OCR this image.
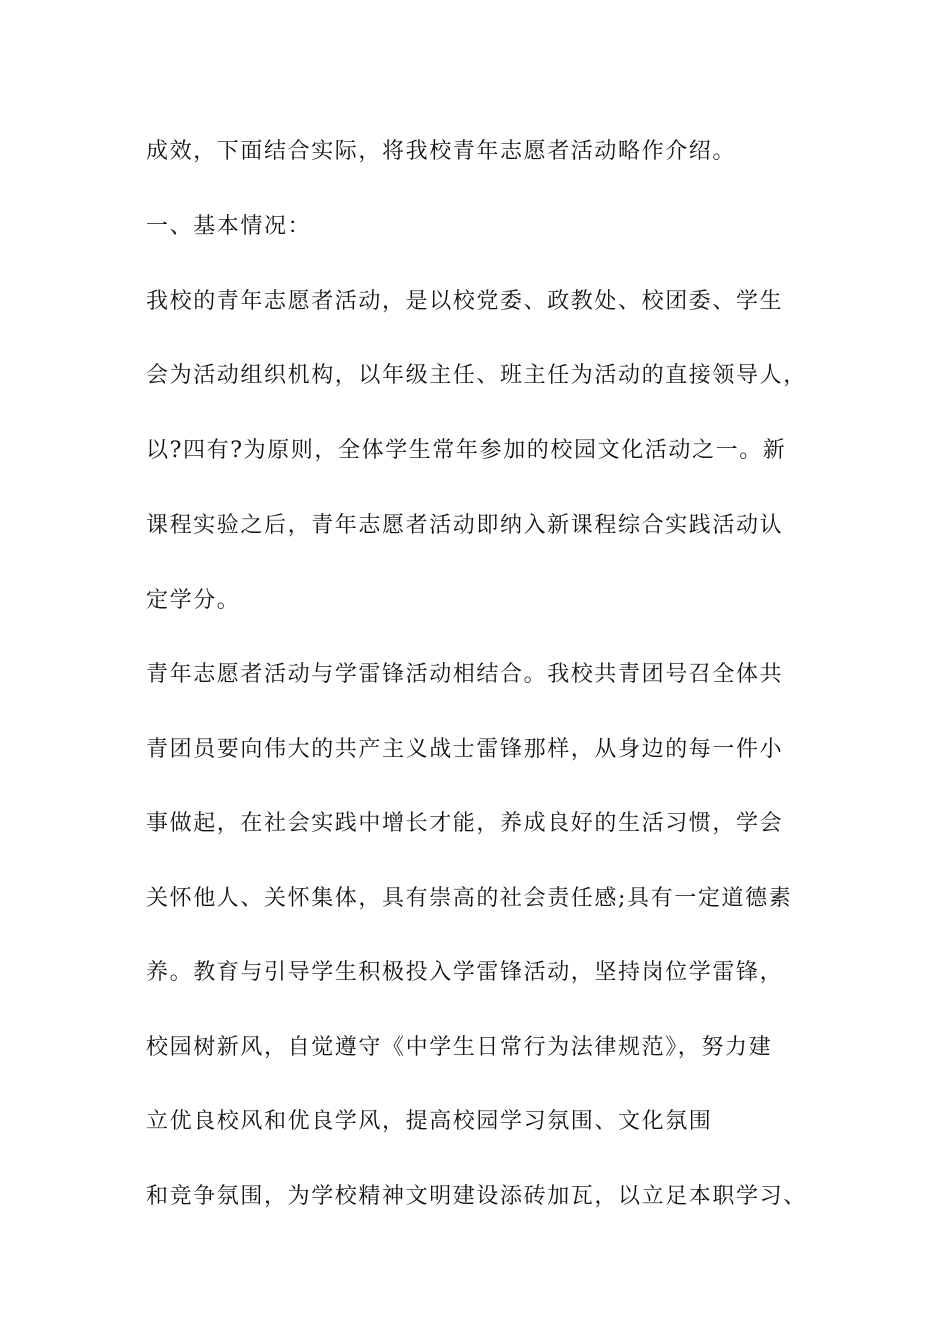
成效，下面结合实际，将我校青年志愿者活动略作介绍。
一、基本情况：
我校的青年志愿者活动，是以校党委、政教处、校团委、学生
会为活动组织机构，以年级主任、班主任为活动的直接领导人，
以?四有?为原则，全体学生常年参加的校园文化活动之一。新
课程实验之后，青年志愿者活动即纳入新课程综合实践活动认
定学分。
青年志愿者活动与学雷锋活动相结合。我校共青团号召全体共
青团员要向伟大的共产主义战士雷锋那样，从身边的每一件小
事做起，在社会实践中增长才能，养成良好的生活习惯，学会
关怀他人、关怀集体，具有崇高的社会责任感;具有一定道德素
养。教育与引导学生积极投入学雷锋活动，坚持岗位学雷锋，
校园树新风，自觉遵守《中学生日常行为法律规范》，努力建
立优良校风和优良学风，提高校园学习氛围、文化氛围
和竞争氛围，为学校精神文明建设添砖加瓦，以立足本职学习、
